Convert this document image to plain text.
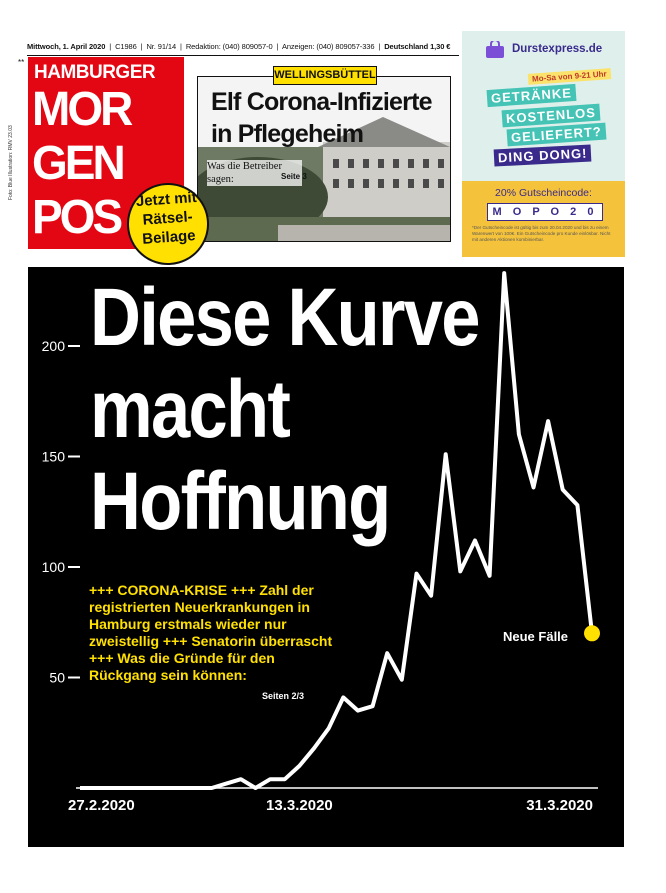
Mittwoch, 1. April 2020  |  C1986  |  Nr. 91/14  |  Redaktion: (040) 809057-0  |  Anzeigen: (040) 809057-336  |  Deutschland 1,30 €
** HAMBURGER
MOR
GEN
POS
WELLINGSBÜTTEL
Elf Corona-Infizierte
in Pflegeheim
Was die Betreiber sagen:	Seite 3
Jetzt mit
Rätsel-
Beilage
Durstexpress.de
Mo-Sa von 9-21 Uhr
GETRÄNKE
KOSTENLOS
GELIEFERT?
DING DONG!
20% Gutscheincode:
M O P O 2 0
*Der Gutscheincode ist gültig bis zum 20.04.2020 und bis zu einem Warenwert von 100€. Ein Gutscheincode pro Kunde einlösbar. Nicht mit anderen Aktionen kombinierbar.
Foto: Blue Illustration: RMV 23.03
50
100
150
200
27.2.2020	13.3.2020	31.3.2020
Diese Kurve
macht
Hoffnung
+++ CORONA-KRISE +++ Zahl der registrierten Neuerkrankungen in Hamburg erstmals wieder nur zweistellig +++ Senatorin überrascht +++ Was die Gründe für den Rückgang sein können:
Seiten 2/3
Neue Fälle
